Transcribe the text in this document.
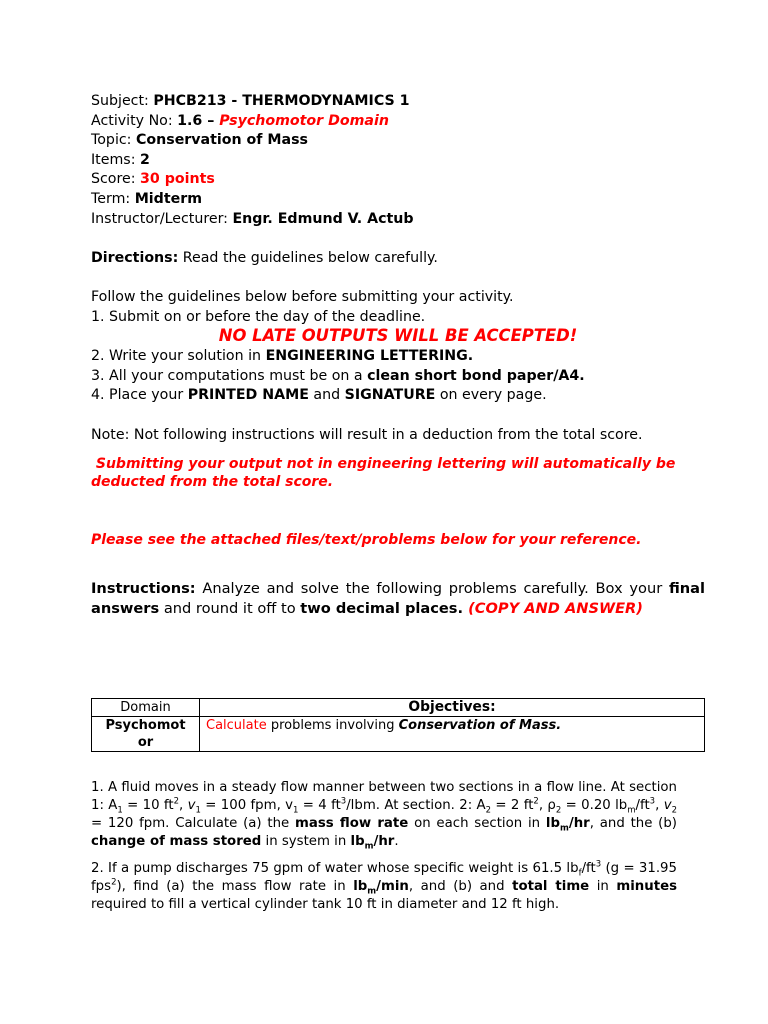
Subject: PHCB213 - THERMODYNAMICS 1
Activity No: 1.6 – Psychomotor Domain
Topic: Conservation of Mass
Items: 2
Score: 30 points
Term: Midterm
Instructor/Lecturer: Engr. Edmund V. Actub
Directions: Read the guidelines below carefully.
Follow the guidelines below before submitting your activity.
1. Submit on or before the day of the deadline.
NO LATE OUTPUTS WILL BE ACCEPTED!
2. Write your solution in ENGINEERING LETTERING.
3. All your computations must be on a clean short bond paper/A4.
4. Place your PRINTED NAME and SIGNATURE on every page.
Note: Not following instructions will result in a deduction from the total score.
Submitting your output not in engineering lettering will automatically be deducted from the total score.
Please see the attached files/text/problems below for your reference.
Instructions: Analyze and solve the following problems carefully. Box your final answers and round it off to two decimal places. (COPY AND ANSWER)
Domain	Objectives:
Psychomot or	Calculate problems involving Conservation of Mass.
1. A fluid moves in a steady flow manner between two sections in a flow line. At section 1: $A_1 = 10$ $ft^2$, $v_1 = 100$ fpm, $v_1 = 4$ $ft^3$/lbm. At section. 2: $A_2 = 2$ $ft^2$, $\rho_2 = 0.20$ $lb_m/ft^3$, $v_2 = 120$ fpm. Calculate (a) the mass flow rate on each section in $lb_m/hr$, and the (b) change of mass stored in system in $lb_m/hr$.
2. If a pump discharges 75 gpm of water whose specific weight is 61.5 $lb_f/ft^3$ (g = 31.95 fps$^2$), find (a) the mass flow rate in $lb_m/\min$, and (b) and total time in minutes required to fill a vertical cylinder tank 10 ft in diameter and 12 ft high.
